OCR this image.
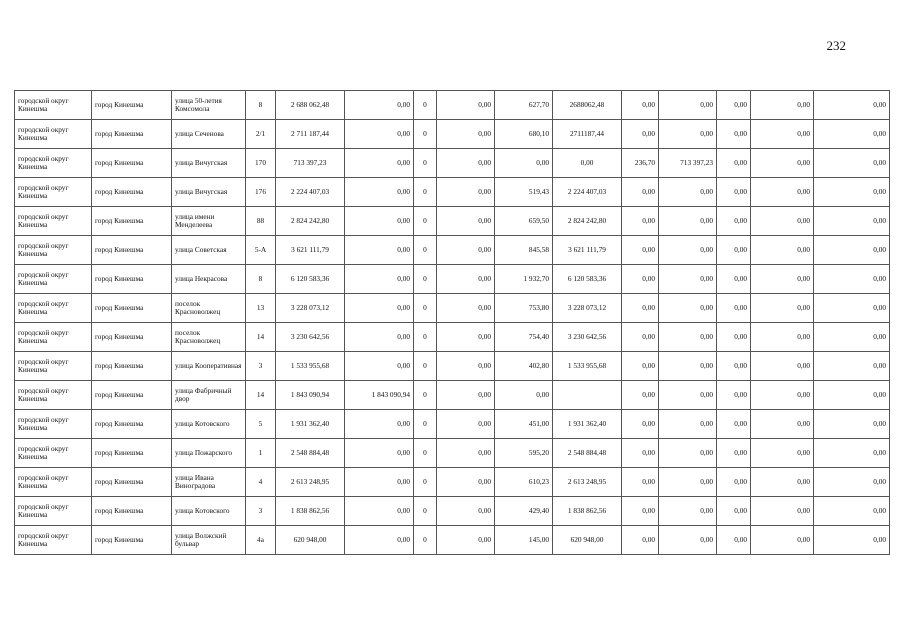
232
городской округ Кинешма	город Кинешма	улица 50-летия Комсомола	8	2 688 062,48	0,00	0	0,00	627,70	2688062,48	0,00	0,00	0,00	0,00	0,00
городской округ Кинешма	город Кинешма	улица Сеченова	2/1	2 711 187,44	0,00	0	0,00	680,10	2711187,44	0,00	0,00	0,00	0,00	0,00
городской округ Кинешма	город Кинешма	улица Вичугская	170	713 397,23	0,00	0	0,00	0,00	0,00	236,70	713 397,23	0,00	0,00	0,00
городской округ Кинешма	город Кинешма	улица Вичугская	176	2 224 407,03	0,00	0	0,00	519,43	2 224 407,03	0,00	0,00	0,00	0,00	0,00
городской округ Кинешма	город Кинешма	улица имени Менделеева	88	2 824 242,80	0,00	0	0,00	659,50	2 824 242,80	0,00	0,00	0,00	0,00	0,00
городской округ Кинешма	город Кинешма	улица Советская	5-А	3 621 111,79	0,00	0	0,00	845,58	3 621 111,79	0,00	0,00	0,00	0,00	0,00
городской округ Кинешма	город Кинешма	улица Некрасова	8	6 120 583,36	0,00	0	0,00	1 932,70	6 120 583,36	0,00	0,00	0,00	0,00	0,00
городской округ Кинешма	город Кинешма	поселок Красноволжец	13	3 228 073,12	0,00	0	0,00	753,80	3 228 073,12	0,00	0,00	0,00	0,00	0,00
городской округ Кинешма	город Кинешма	поселок Красноволжец	14	3 230 642,56	0,00	0	0,00	754,40	3 230 642,56	0,00	0,00	0,00	0,00	0,00
городской округ Кинешма	город Кинешма	улица Кооперативная	3	1 533 955,68	0,00	0	0,00	402,80	1 533 955,68	0,00	0,00	0,00	0,00	0,00
городской округ Кинешма	город Кинешма	улица Фабричный двор	14	1 843 090,94	1 843 090,94	0	0,00	0,00		0,00	0,00	0,00	0,00	0,00
городской округ Кинешма	город Кинешма	улица Котовского	5	1 931 362,40	0,00	0	0,00	451,00	1 931 362,40	0,00	0,00	0,00	0,00	0,00
городской округ Кинешма	город Кинешма	улица Пожарского	1	2 548 884,48	0,00	0	0,00	595,20	2 548 884,48	0,00	0,00	0,00	0,00	0,00
городской округ Кинешма	город Кинешма	улица Ивана Виноградова	4	2 613 248,95	0,00	0	0,00	610,23	2 613 248,95	0,00	0,00	0,00	0,00	0,00
городской округ Кинешма	город Кинешма	улица Котовского	3	1 838 862,56	0,00	0	0,00	429,40	1 838 862,56	0,00	0,00	0,00	0,00	0,00
городской округ Кинешма	город Кинешма	улица Волжский бульвар	4а	620 948,00	0,00	0	0,00	145,00	620 948,00	0,00	0,00	0,00	0,00	0,00
